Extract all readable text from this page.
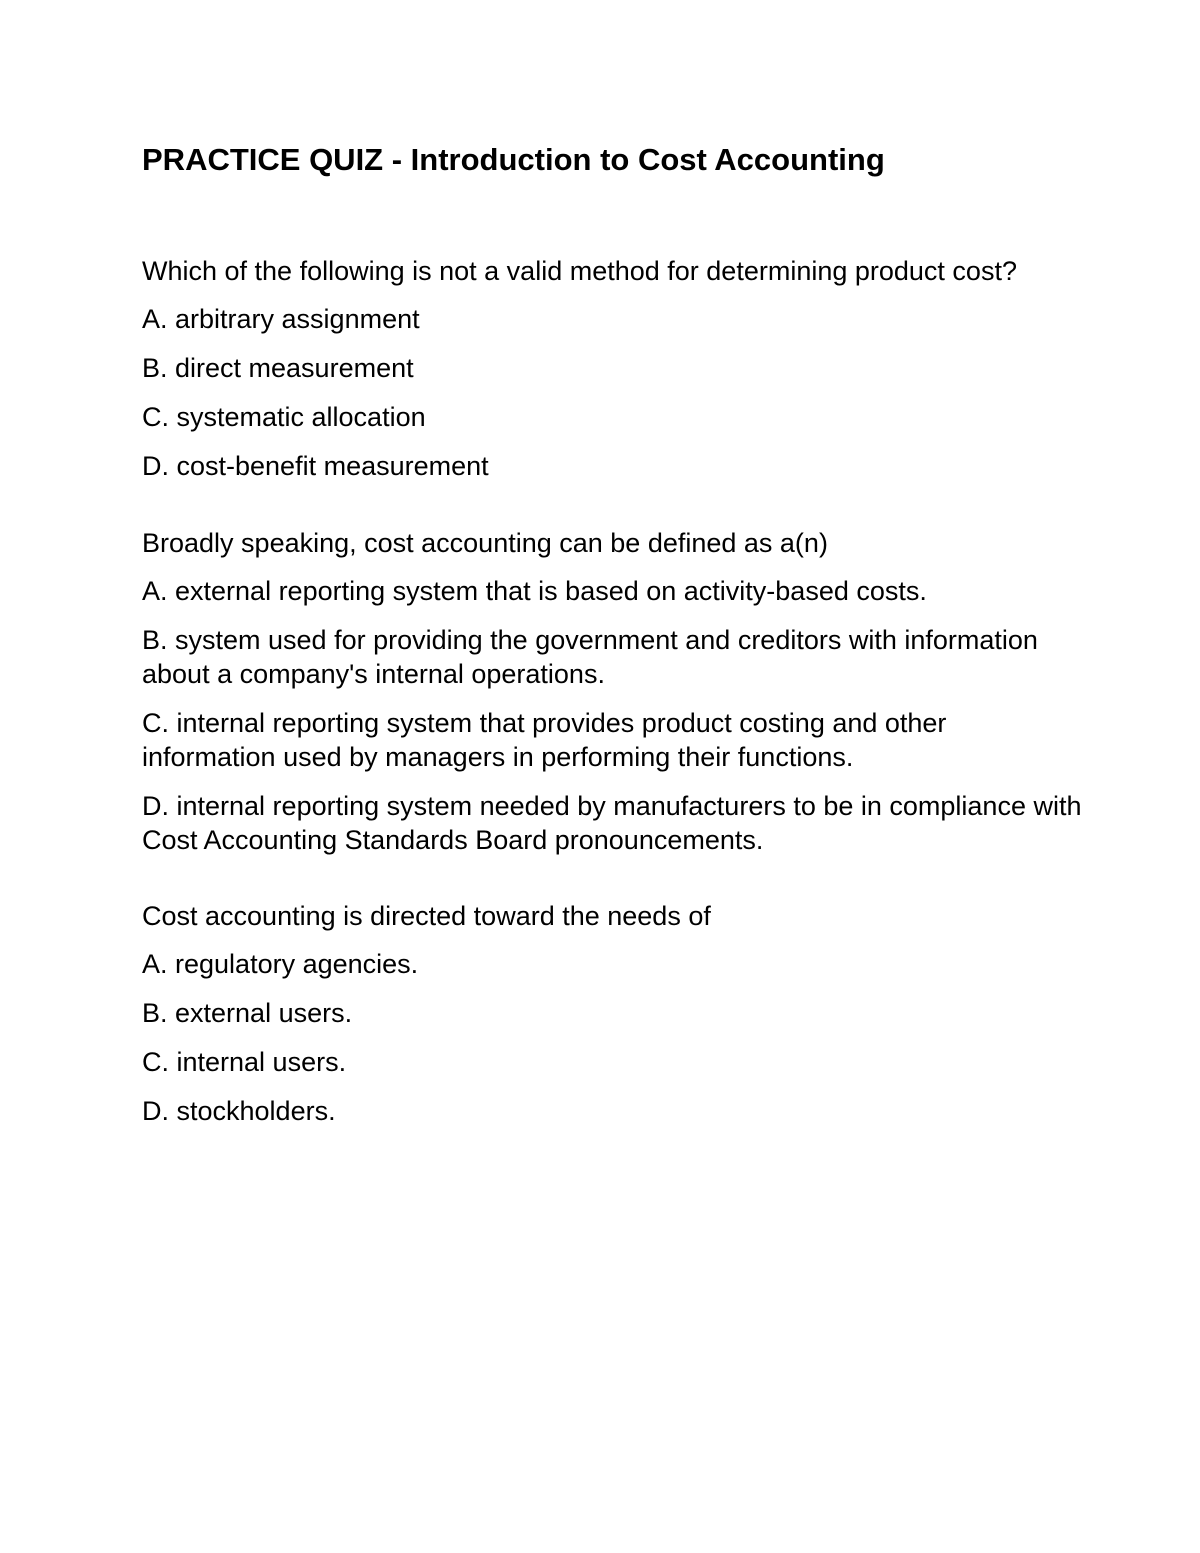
PRACTICE QUIZ - Introduction to Cost Accounting

Which of the following is not a valid method for determining product cost?

A. arbitrary assignment

B. direct measurement

C. systematic allocation

D. cost-benefit measurement

Broadly speaking, cost accounting can be defined as a(n)

A. external reporting system that is based on activity-based costs.

B. system used for providing the government and creditors with information about a company's internal operations.

C. internal reporting system that provides product costing and other information used by managers in performing their functions.

D. internal reporting system needed by manufacturers to be in compliance with Cost Accounting Standards Board pronouncements.

Cost accounting is directed toward the needs of

A. regulatory agencies.

B. external users.

C. internal users.

D. stockholders.
